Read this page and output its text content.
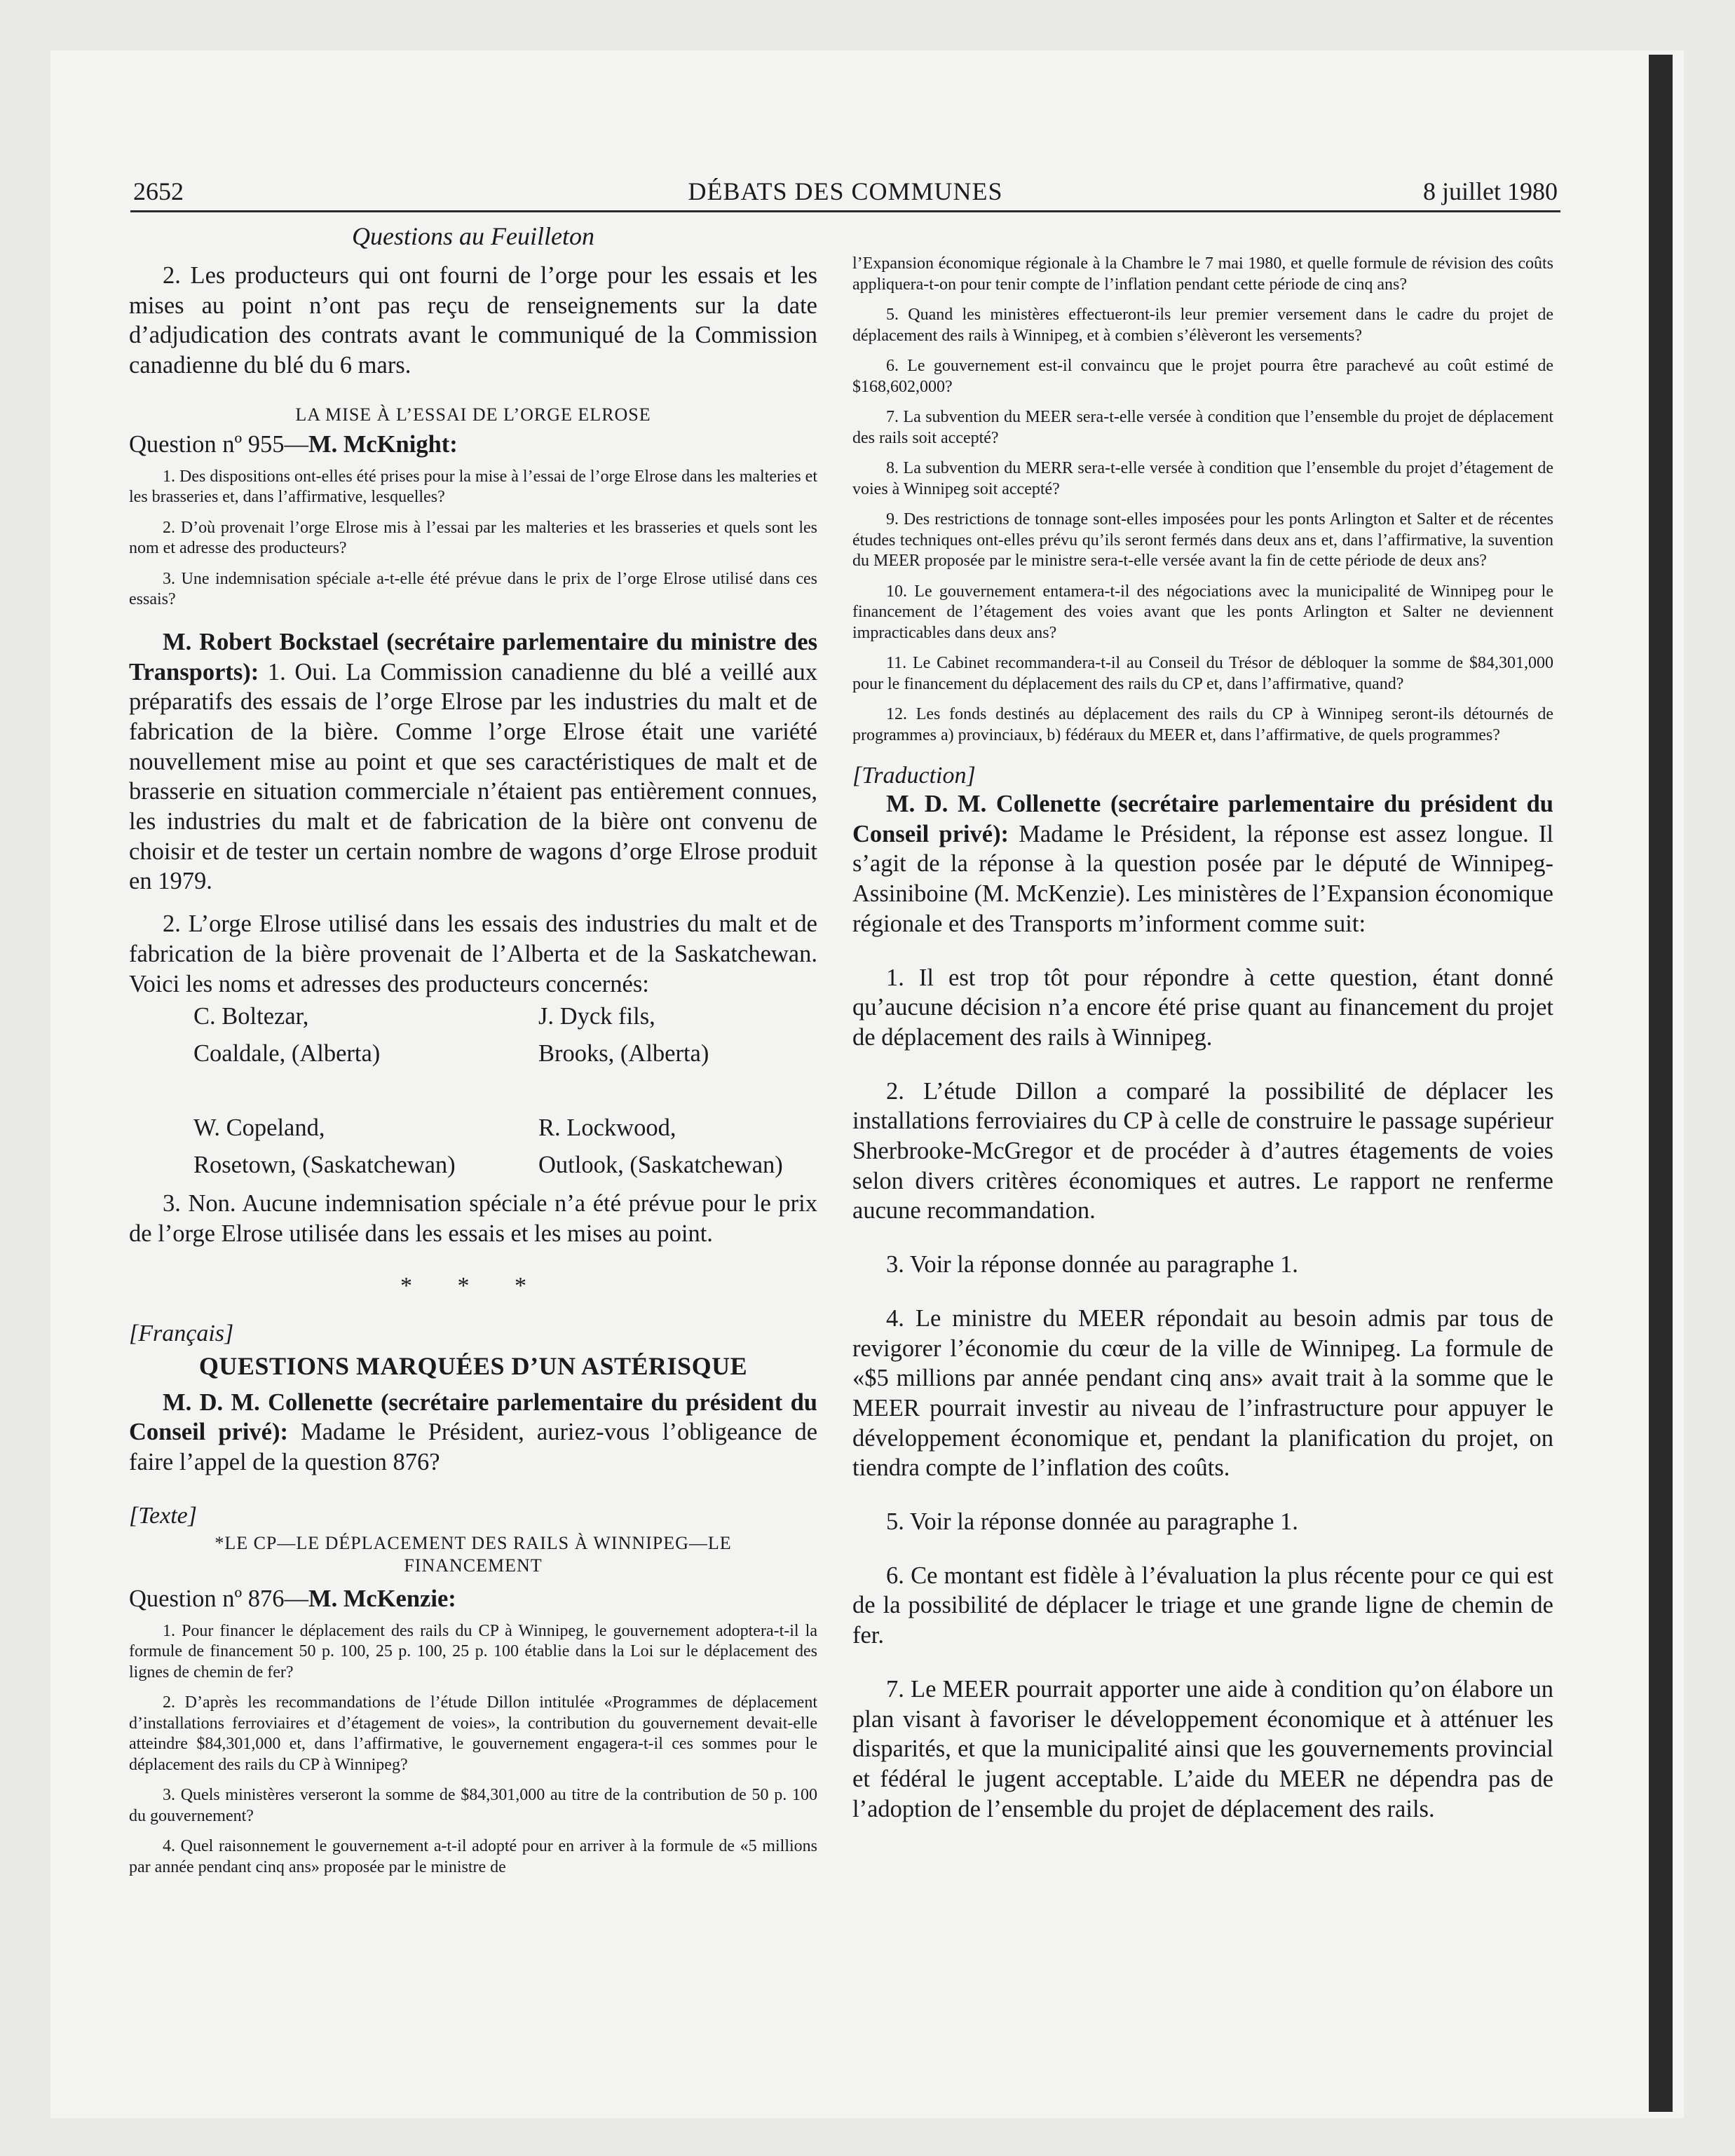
2652	DÉBATS DES COMMUNES	8 juillet 1980

Questions au Feuilleton

2. Les producteurs qui ont fourni de l’orge pour les essais et les mises au point n’ont pas reçu de renseignements sur la date d’adjudication des contrats avant le communiqué de la Commission canadienne du blé du 6 mars.

LA MISE À L’ESSAI DE L’ORGE ELROSE

Question nº 955—M. McKnight:

1. Des dispositions ont-elles été prises pour la mise à l’essai de l’orge Elrose dans les malteries et les brasseries et, dans l’affirmative, lesquelles?

2. D’où provenait l’orge Elrose mis à l’essai par les malteries et les brasseries et quels sont les nom et adresse des producteurs?

3. Une indemnisation spéciale a-t-elle été prévue dans le prix de l’orge Elrose utilisé dans ces essais?

M. Robert Bockstael (secrétaire parlementaire du ministre des Transports): 1. Oui. La Commission canadienne du blé a veillé aux préparatifs des essais de l’orge Elrose par les industries du malt et de fabrication de la bière. Comme l’orge Elrose était une variété nouvellement mise au point et que ses caractéristiques de malt et de brasserie en situation commerciale n’étaient pas entièrement connues, les industries du malt et de fabrication de la bière ont convenu de choisir et de tester un certain nombre de wagons d’orge Elrose produit en 1979.

2. L’orge Elrose utilisé dans les essais des industries du malt et de fabrication de la bière provenait de l’Alberta et de la Saskatchewan. Voici les noms et adresses des producteurs concernés:

C. Boltezar,	J. Dyck fils,
Coaldale, (Alberta)	Brooks, (Alberta)

W. Copeland,	R. Lockwood,
Rosetown, (Saskatchewan)	Outlook, (Saskatchewan)

3. Non. Aucune indemnisation spéciale n’a été prévue pour le prix de l’orge Elrose utilisée dans les essais et les mises au point.

* * *

[Français]

QUESTIONS MARQUÉES D’UN ASTÉRISQUE

M. D. M. Collenette (secrétaire parlementaire du président du Conseil privé): Madame le Président, auriez-vous l’obligeance de faire l’appel de la question 876?

[Texte]

*LE CP—LE DÉPLACEMENT DES RAILS À WINNIPEG—LE FINANCEMENT

Question nº 876—M. McKenzie:

1. Pour financer le déplacement des rails du CP à Winnipeg, le gouvernement adoptera-t-il la formule de financement 50 p. 100, 25 p. 100, 25 p. 100 établie dans la Loi sur le déplacement des lignes de chemin de fer?

2. D’après les recommandations de l’étude Dillon intitulée «Programmes de déplacement d’installations ferroviaires et d’étagement de voies», la contribution du gouvernement devait-elle atteindre $84,301,000 et, dans l’affirmative, le gouvernement engagera-t-il ces sommes pour le déplacement des rails du CP à Winnipeg?

3. Quels ministères verseront la somme de $84,301,000 au titre de la contribution de 50 p. 100 du gouvernement?

4. Quel raisonnement le gouvernement a-t-il adopté pour en arriver à la formule de «5 millions par année pendant cinq ans» proposée par le ministre de

l’Expansion économique régionale à la Chambre le 7 mai 1980, et quelle formule de révision des coûts appliquera-t-on pour tenir compte de l’inflation pendant cette période de cinq ans?

5. Quand les ministères effectueront-ils leur premier versement dans le cadre du projet de déplacement des rails à Winnipeg, et à combien s’élèveront les versements?

6. Le gouvernement est-il convaincu que le projet pourra être parachevé au coût estimé de $168,602,000?

7. La subvention du MEER sera-t-elle versée à condition que l’ensemble du projet de déplacement des rails soit accepté?

8. La subvention du MERR sera-t-elle versée à condition que l’ensemble du projet d’étagement de voies à Winnipeg soit accepté?

9. Des restrictions de tonnage sont-elles imposées pour les ponts Arlington et Salter et de récentes études techniques ont-elles prévu qu’ils seront fermés dans deux ans et, dans l’affirmative, la suvention du MEER proposée par le ministre sera-t-elle versée avant la fin de cette période de deux ans?

10. Le gouvernement entamera-t-il des négociations avec la municipalité de Winnipeg pour le financement de l’étagement des voies avant que les ponts Arlington et Salter ne deviennent impracticables dans deux ans?

11. Le Cabinet recommandera-t-il au Conseil du Trésor de débloquer la somme de $84,301,000 pour le financement du déplacement des rails du CP et, dans l’affirmative, quand?

12. Les fonds destinés au déplacement des rails du CP à Winnipeg seront-ils détournés de programmes a) provinciaux, b) fédéraux du MEER et, dans l’affirmative, de quels programmes?

[Traduction]

M. D. M. Collenette (secrétaire parlementaire du président du Conseil privé): Madame le Président, la réponse est assez longue. Il s’agit de la réponse à la question posée par le député de Winnipeg-Assiniboine (M. McKenzie). Les ministères de l’Expansion économique régionale et des Transports m’informent comme suit:

1. Il est trop tôt pour répondre à cette question, étant donné qu’aucune décision n’a encore été prise quant au financement du projet de déplacement des rails à Winnipeg.

2. L’étude Dillon a comparé la possibilité de déplacer les installations ferroviaires du CP à celle de construire le passage supérieur Sherbrooke-McGregor et de procéder à d’autres étagements de voies selon divers critères économiques et autres. Le rapport ne renferme aucune recommandation.

3. Voir la réponse donnée au paragraphe 1.

4. Le ministre du MEER répondait au besoin admis par tous de revigorer l’économie du cœur de la ville de Winnipeg. La formule de «$5 millions par année pendant cinq ans» avait trait à la somme que le MEER pourrait investir au niveau de l’infrastructure pour appuyer le développement économique et, pendant la planification du projet, on tiendra compte de l’inflation des coûts.

5. Voir la réponse donnée au paragraphe 1.

6. Ce montant est fidèle à l’évaluation la plus récente pour ce qui est de la possibilité de déplacer le triage et une grande ligne de chemin de fer.

7. Le MEER pourrait apporter une aide à condition qu’on élabore un plan visant à favoriser le développement économique et à atténuer les disparités, et que la municipalité ainsi que les gouvernements provincial et fédéral le jugent acceptable. L’aide du MEER ne dépendra pas de l’adoption de l’ensemble du projet de déplacement des rails.
